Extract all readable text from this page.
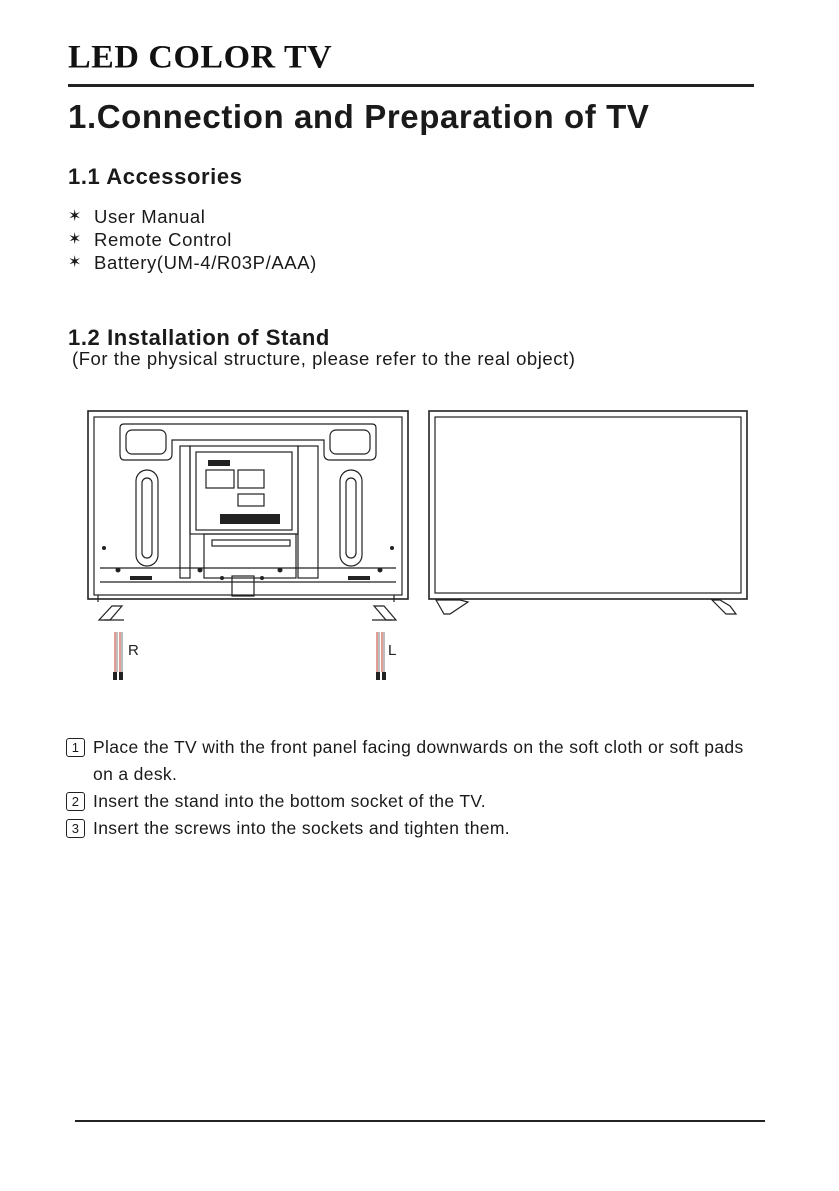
LED COLOR TV
1.Connection and Preparation of TV
1.1 Accessories
✶ User Manual
✶ Remote Control
✶ Battery(UM-4/R03P/AAA)
1.2 Installation of Stand
(For the physical structure, please refer to the real object)
R	L
1 Place the TV with the front panel facing downwards on the soft cloth or soft pads on a desk.
2 Insert the stand into the bottom socket of the TV.
3 Insert the screws into the sockets and tighten them.
